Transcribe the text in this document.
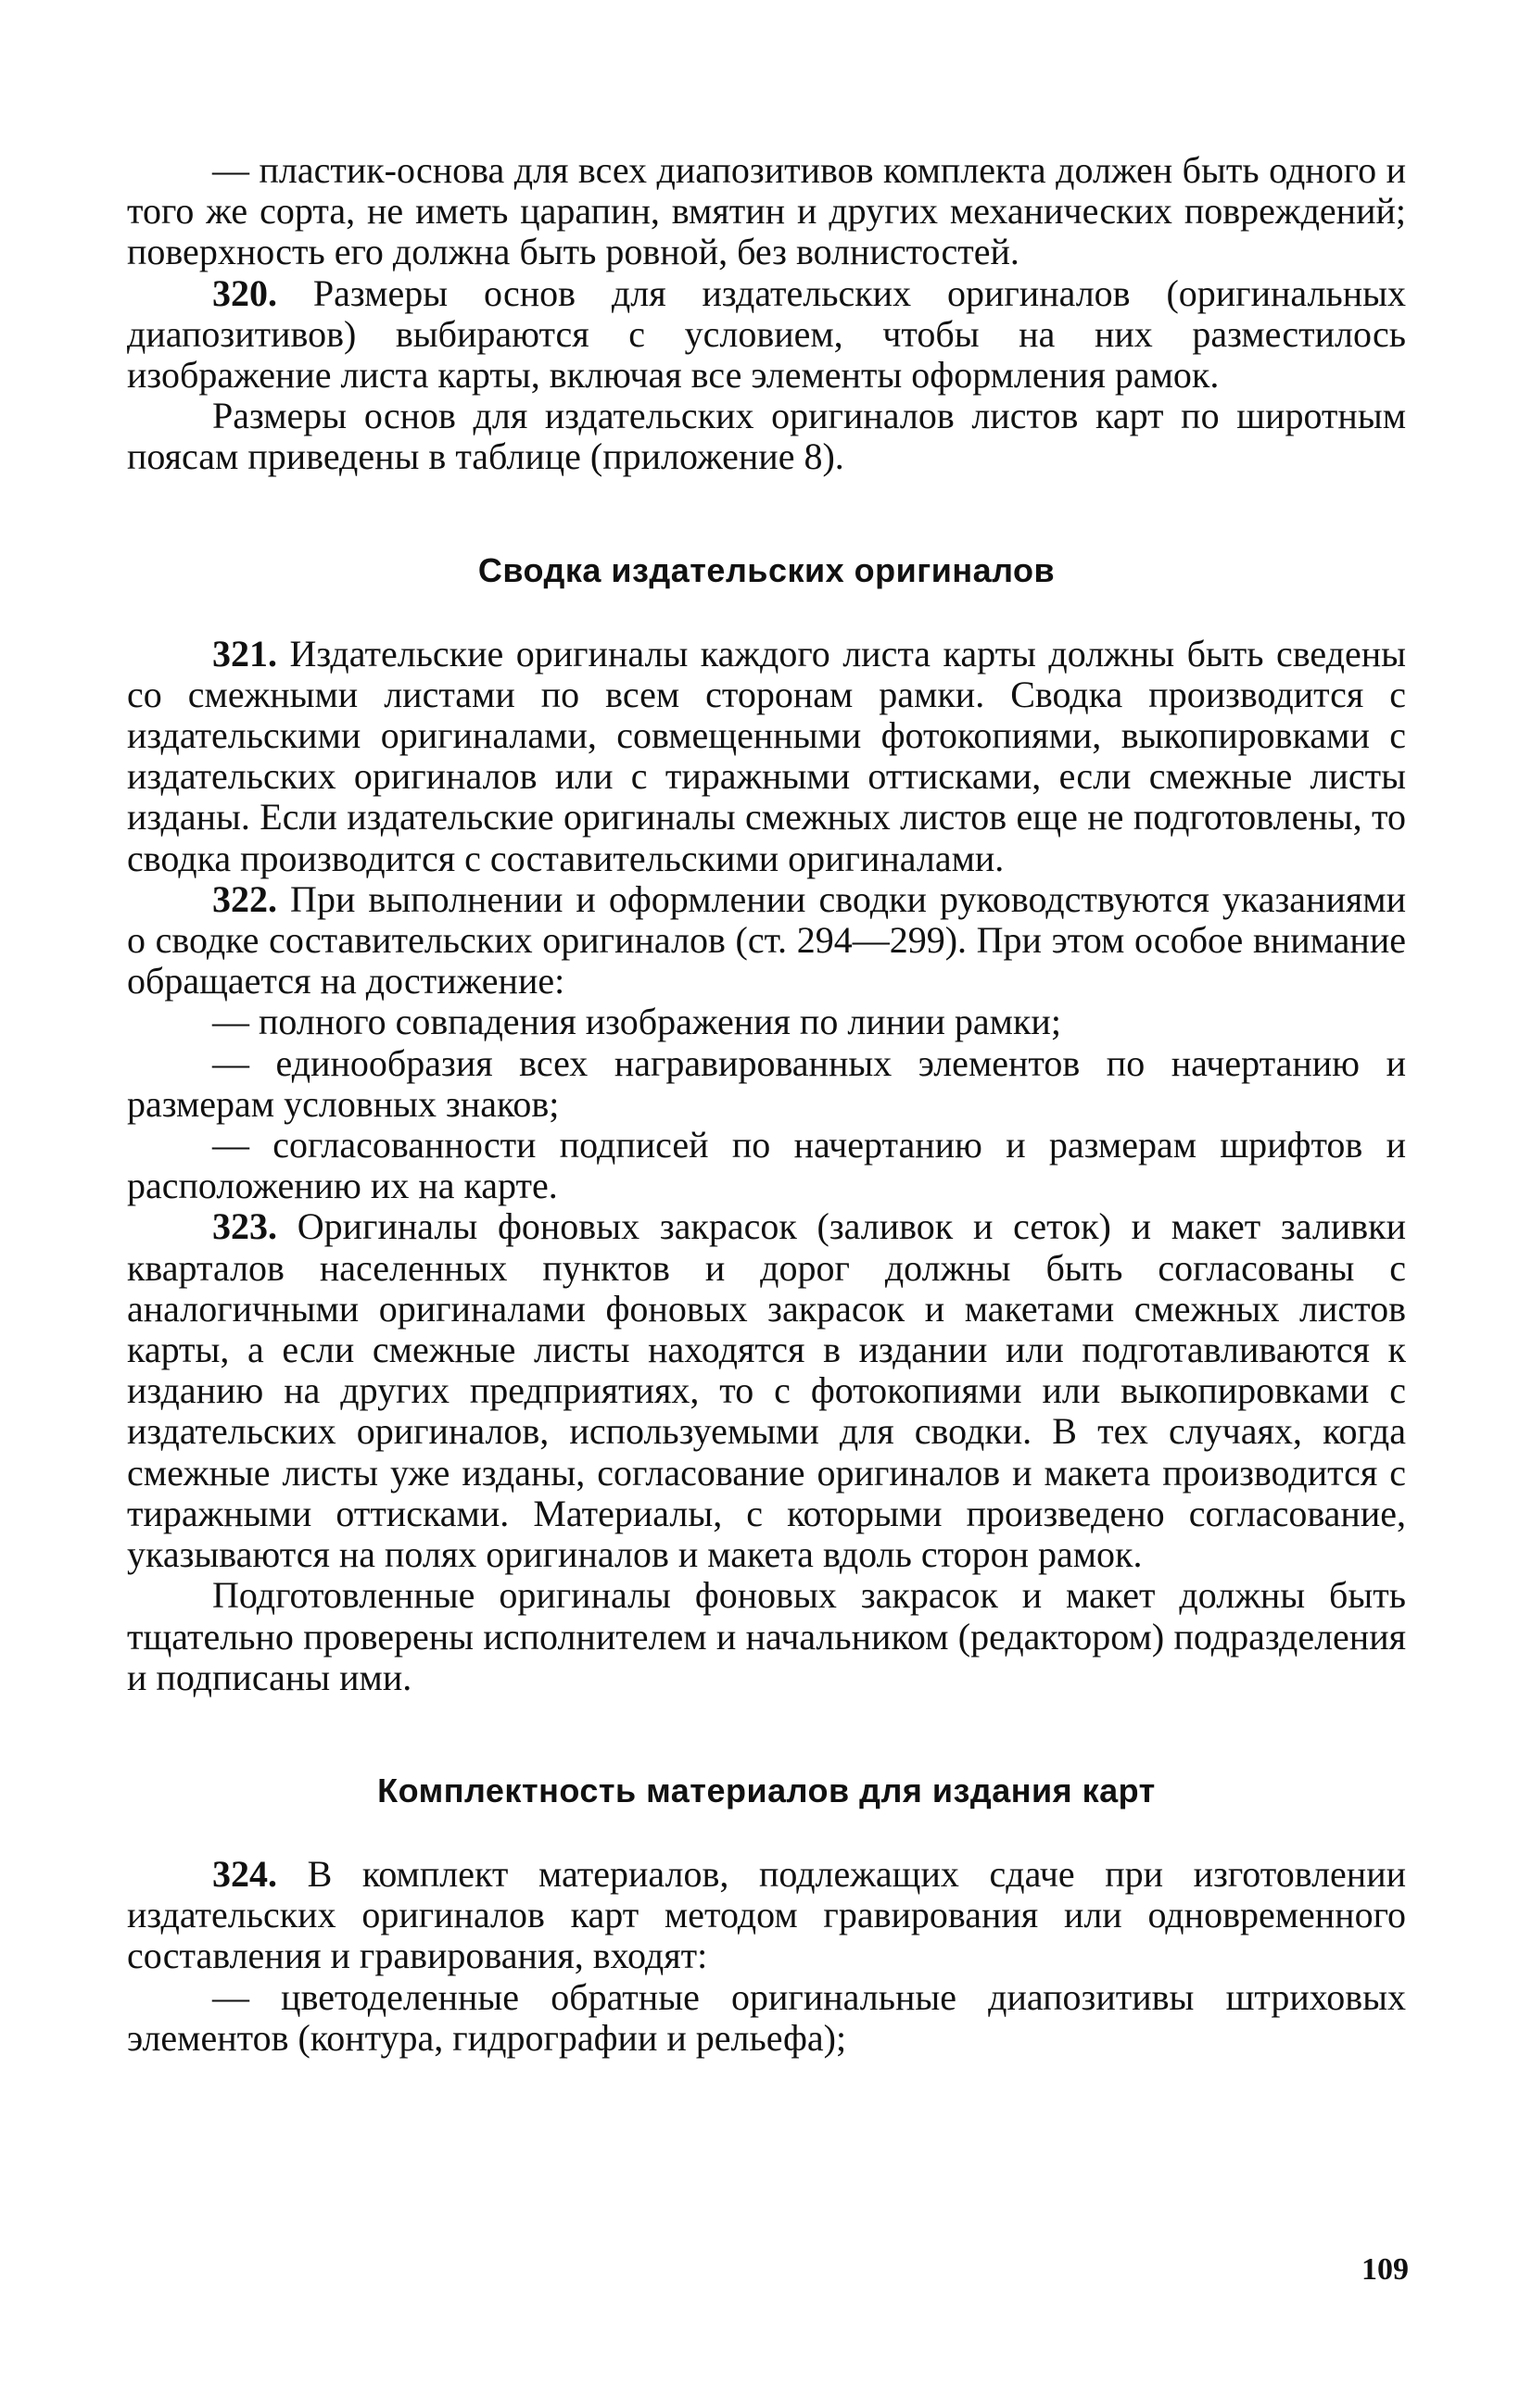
— пластик-основа для всех диапозитивов комплекта должен быть одного и того же сорта, не иметь царапин, вмятин и других механических повреждений; поверхность его должна быть ровной, без волнистостей.

320. Размеры основ для издательских оригиналов (оригинальных диапозитивов) выбираются с условием, чтобы на них разместилось изображение листа карты, включая все элементы оформления рамок.

Размеры основ для издательских оригиналов листов карт по широтным поясам приведены в таблице (приложение 8).

Сводка издательских оригиналов

321. Издательские оригиналы каждого листа карты должны быть сведены со смежными листами по всем сторонам рамки. Сводка производится с издательскими оригиналами, совмещенными фотокопиями, выкопировками с издательских оригиналов или с тиражными оттисками, если смежные листы изданы. Если издательские оригиналы смежных листов еще не подготовлены, то сводка производится с составительскими оригиналами.

322. При выполнении и оформлении сводки руководствуются указаниями о сводке составительских оригиналов (ст. 294—299). При этом особое внимание обращается на достижение:

— полного совпадения изображения по линии рамки;

— единообразия всех награвированных элементов по начертанию и размерам условных знаков;

— согласованности подписей по начертанию и размерам шрифтов и расположению их на карте.

323. Оригиналы фоновых закрасок (заливок и сеток) и макет заливки кварталов населенных пунктов и дорог должны быть согласованы с аналогичными оригиналами фоновых закрасок и макетами смежных листов карты, а если смежные листы находятся в издании или подготавливаются к изданию на других предприятиях, то с фотокопиями или выкопировками с издательских оригиналов, используемыми для сводки. В тех случаях, когда смежные листы уже изданы, согласование оригиналов и макета производится с тиражными оттисками. Материалы, с которыми произведено согласование, указываются на полях оригиналов и макета вдоль сторон рамок.

Подготовленные оригиналы фоновых закрасок и макет должны быть тщательно проверены исполнителем и начальником (редактором) подразделения и подписаны ими.

Комплектность материалов для издания карт

324. В комплект материалов, подлежащих сдаче при изготовлении издательских оригиналов карт методом гравирования или одновременного составления и гравирования, входят:

— цветоделенные обратные оригинальные диапозитивы штриховых элементов (контура, гидрографии и рельефа);

109
